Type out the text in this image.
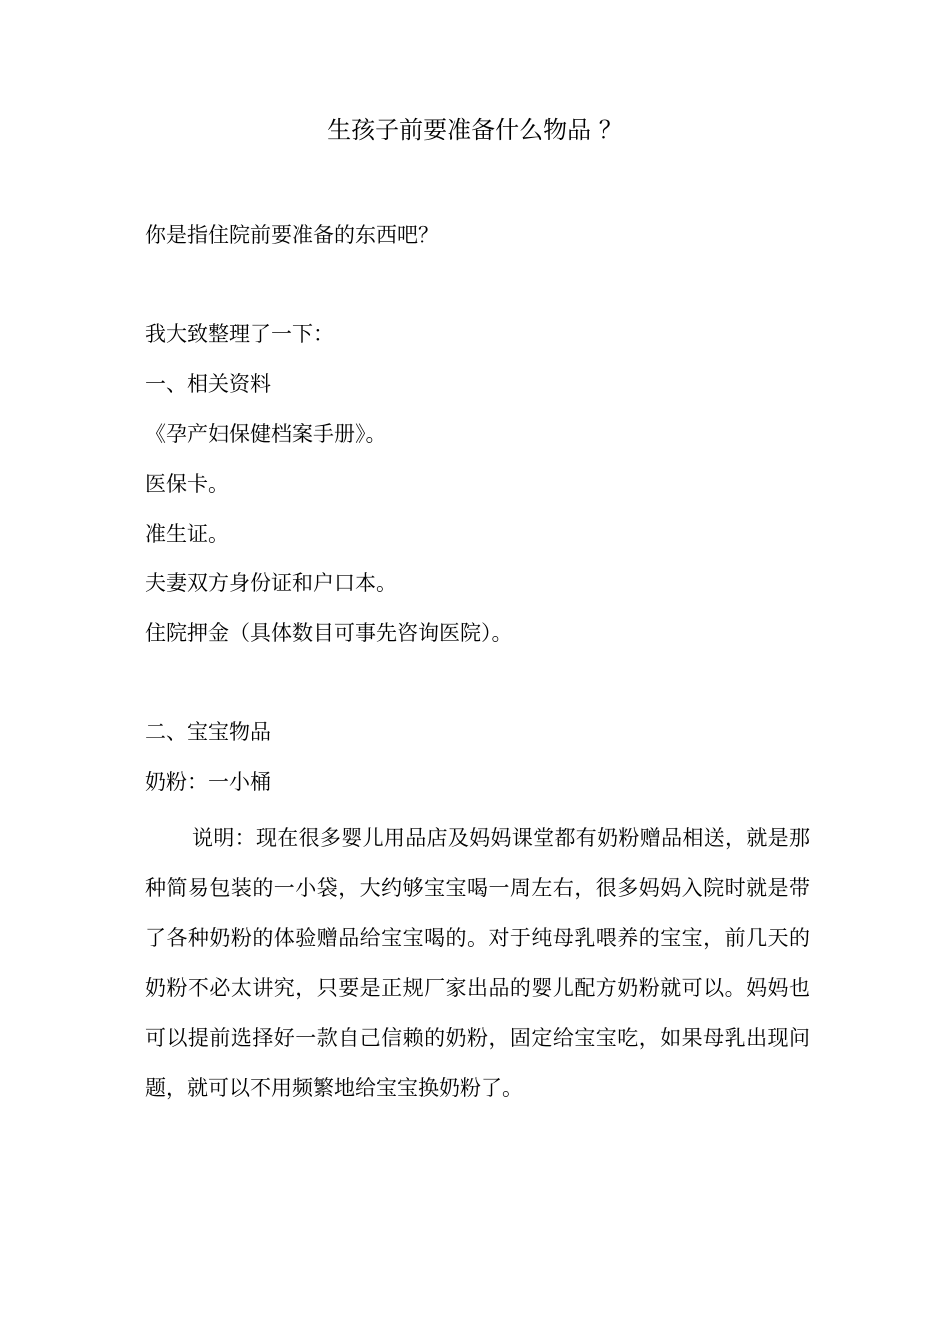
生孩子前要准备什么物品 ？
你是指住院前要准备的东西吧？
我大致整理了一下：
一、相关资料
《孕产妇保健档案手册》。
医保卡。
准生证。
夫妻双方身份证和户口本。
住院押金（具体数目可事先咨询医院）。
二、宝宝物品
奶粉：一小桶
说明：现在很多婴儿用品店及妈妈课堂都有奶粉赠品相送，就是那种简易包装的一小袋，大约够宝宝喝一周左右，很多妈妈入院时就是带了各种奶粉的体验赠品给宝宝喝的。对于纯母乳喂养的宝宝，前几天的奶粉不必太讲究，只要是正规厂家出品的婴儿配方奶粉就可以。妈妈也可以提前选择好一款自己信赖的奶粉，固定给宝宝吃，如果母乳出现问题，就可以不用频繁地给宝宝换奶粉了。
